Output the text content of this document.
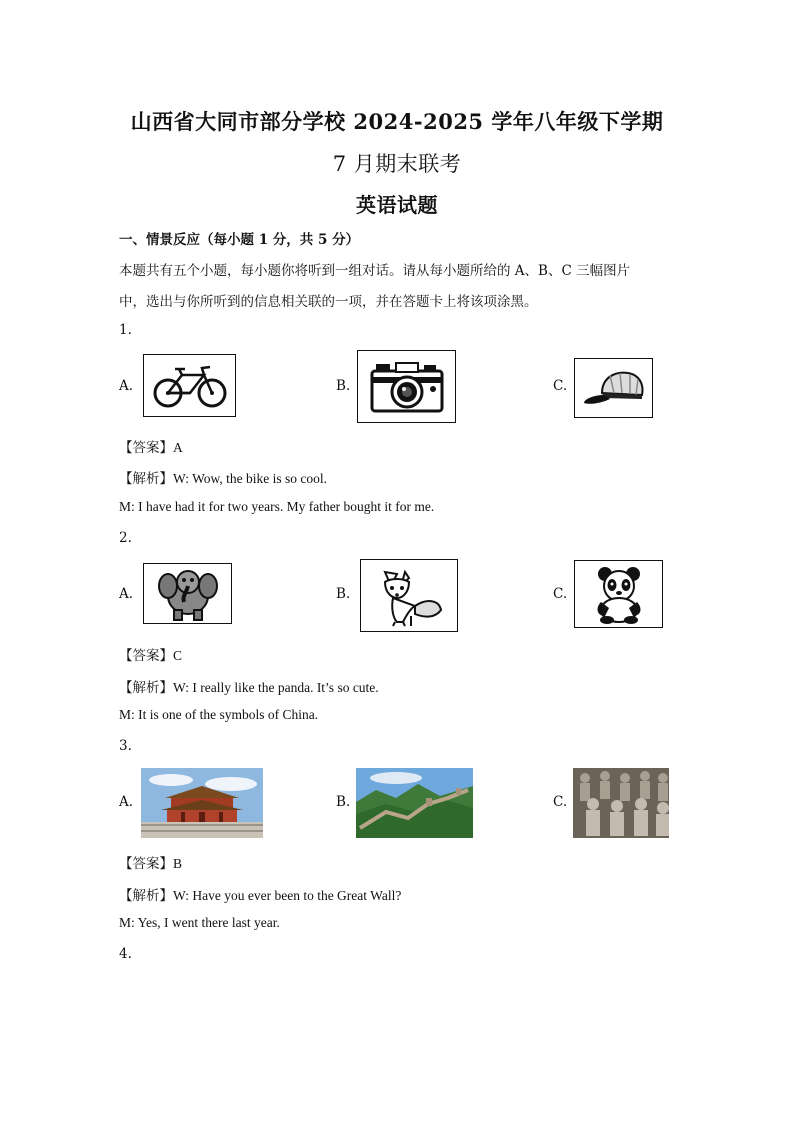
山西省大同市部分学校 2024-2025 学年八年级下学期
7 月期末联考
英语试题
一、情景反应（每小题 1 分，共 5 分）
本题共有五个小题，每小题你将听到一组对话。请从每小题所给的 A、B、C 三幅图片
中，选出与你所听到的信息相关联的一项，并在答题卡上将该项涂黑。
1.
A.	B.	C.
【答案】A
【解析】W: Wow, the bike is so cool.
M: I have had it for two years. My father bought it for me.
2.
A.	B.	C.
【答案】C
【解析】W: I really like the panda. It’s so cute.
M: It is one of the symbols of China.
3.
A.	B.	C.
【答案】B
【解析】W: Have you ever been to the Great Wall?
M: Yes, I went there last year.
4.
